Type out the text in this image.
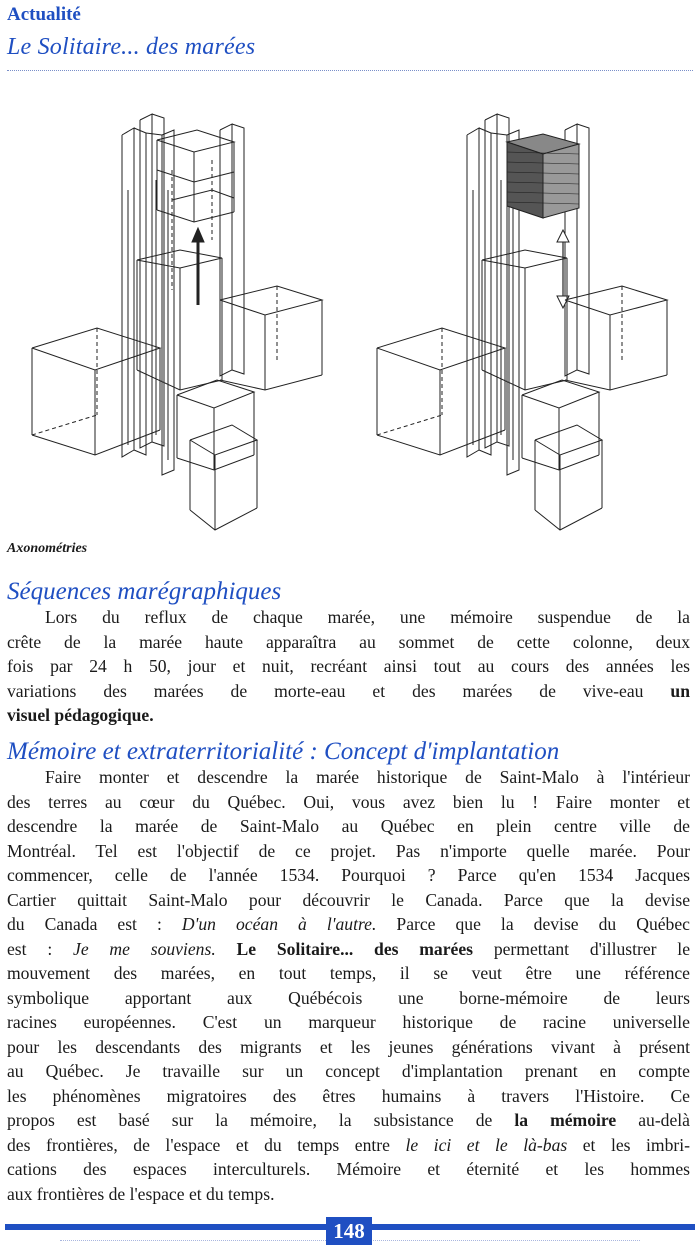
Actualité
Le Solitaire... des marées
Axonométries
Séquences marégraphiques
Lors du reflux de chaque marée, une mémoire suspendue de la
crête de la marée haute apparaîtra au sommet de cette colonne, deux
fois par 24 h 50, jour et nuit, recréant ainsi tout au cours des années les
variations des marées de morte-eau et des marées de vive-eau un
visuel pédagogique.
Mémoire et extraterritorialité : Concept d'implantation
Faire monter et descendre la marée historique de Saint-Malo à l'intérieur
des terres au cœur du Québec. Oui, vous avez bien lu ! Faire monter et
descendre la marée de Saint-Malo au Québec en plein centre ville de
Montréal. Tel est l'objectif de ce projet. Pas n'importe quelle marée. Pour
commencer, celle de l'année 1534. Pourquoi ? Parce qu'en 1534 Jacques
Cartier quittait Saint-Malo pour découvrir le Canada. Parce que la devise
du Canada est : D'un océan à l'autre. Parce que la devise du Québec
est : Je me souviens. Le Solitaire... des marées permettant d'illustrer le
mouvement des marées, en tout temps, il se veut être une référence
symbolique apportant aux Québécois une borne-mémoire de leurs
racines européennes. C'est un marqueur historique de racine universelle
pour les descendants des migrants et les jeunes générations vivant à présent
au Québec. Je travaille sur un concept d'implantation prenant en compte
les phénomènes migratoires des êtres humains à travers l'Histoire. Ce
propos est basé sur la mémoire, la subsistance de la mémoire au-delà
des frontières, de l'espace et du temps entre le ici et le là-bas et les imbri-
cations des espaces interculturels. Mémoire et éternité et les hommes
aux frontières de l'espace et du temps.
148
